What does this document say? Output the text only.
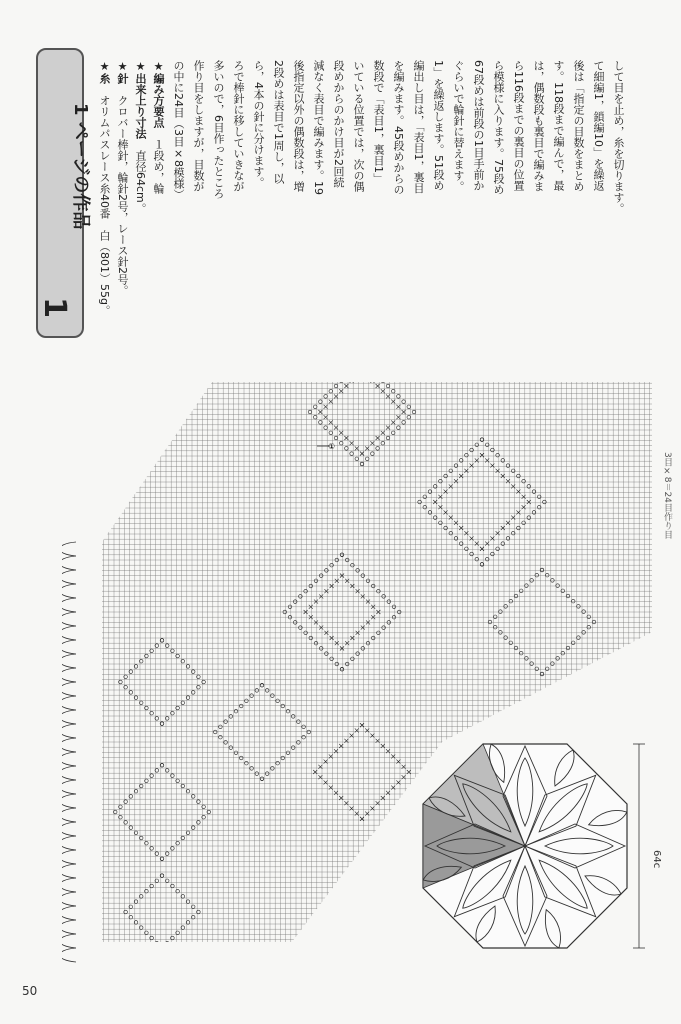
1
1 ページの作品
★糸　オリムパスレース糸40番　白（801）55g。
★針　クロバー棒針，輪針2号，レース針2号。 ★出来上り寸法　直径64cm。
★編み方要点　１段め，輪 の中に24目（3目×8模様） 作り目をしますが，目数が 多いので，6目作ったところ ろで棒針に移していきなが ら，4本の針に分けます。 2段めは表目で1周し，以 後指定以外の偶数段は，増 減なく表目で編みます。19 段めからのかけ目が2回続 いている位置では，次の偶 数段で「表目1，裏目1」 を編みます。45段めからの 編出し目は，「表目1，裏目 1」を繰返します。51段め ぐらいで輪針に替えます。 67段めは前段の1目手前か ら模様に入ります。75段め ら116段までの裏目の位置 は，偶数段も裏目で編みま す。118段まで編んで，最 後は「指定の目数をまとめ て細編1，鎖編10」を繰返 して目を止め，糸を切ります。
①
3目×8＝24目作り目
64c
50
